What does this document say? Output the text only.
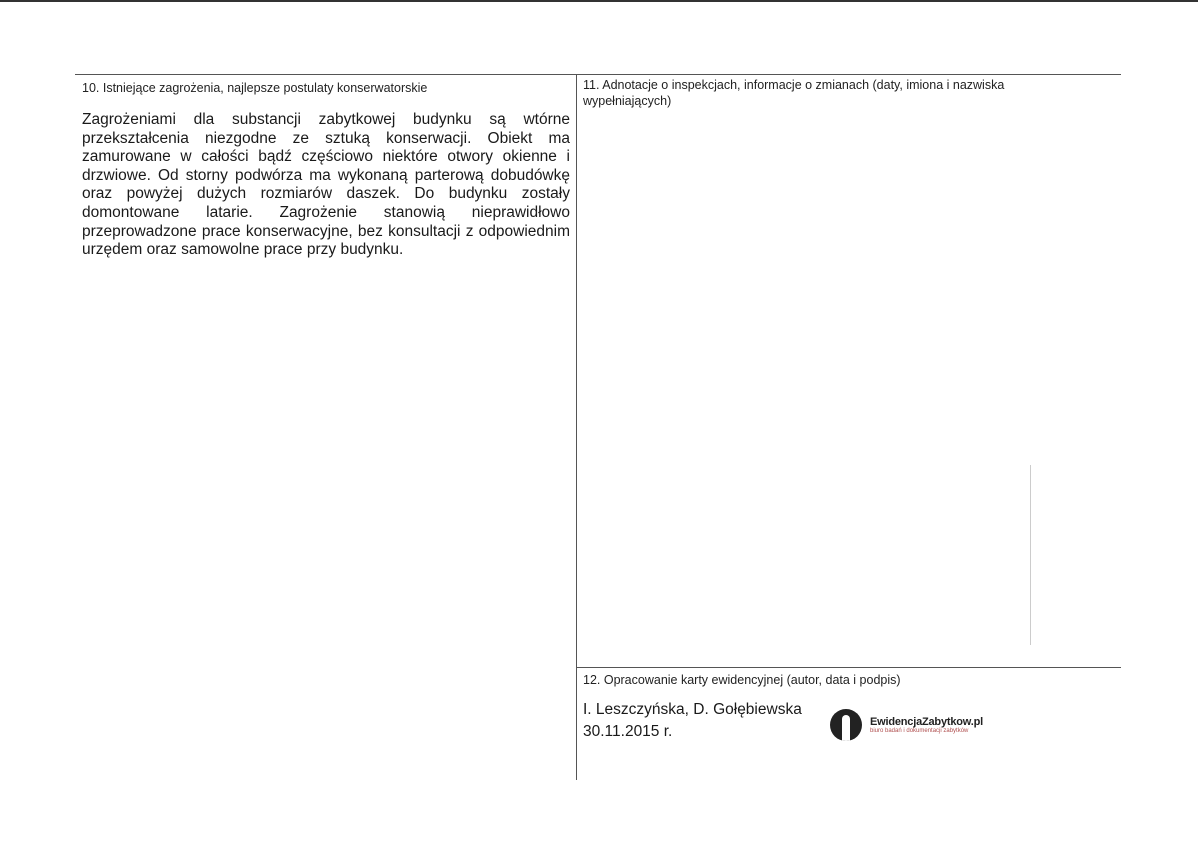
10. Istniejące zagrożenia, najlepsze postulaty konserwatorskie
Zagrożeniami dla substancji zabytkowej budynku są wtórne przekształcenia niezgodne ze sztuką konserwacji. Obiekt ma zamurowane w całości bądź częściowo niektóre otwory okienne i drzwiowe. Od storny podwórza ma wykonaną parterową dobudówkę oraz powyżej dużych rozmiarów daszek. Do budynku zostały domontowane latarie. Zagrożenie stanowią nieprawidłowo przeprowadzone prace konserwacyjne, bez konsultacji z odpowiednim urzędem oraz samowolne prace przy budynku.
11. Adnotacje o inspekcjach, informacje o zmianach (daty, imiona i nazwiska
wypełniających)
12. Opracowanie karty ewidencyjnej (autor, data i podpis)
I. Leszczyńska, D. Gołębiewska
30.11.2015 r.
EwidencjaZabytkow.pl
biuro badań i dokumentacji zabytków
